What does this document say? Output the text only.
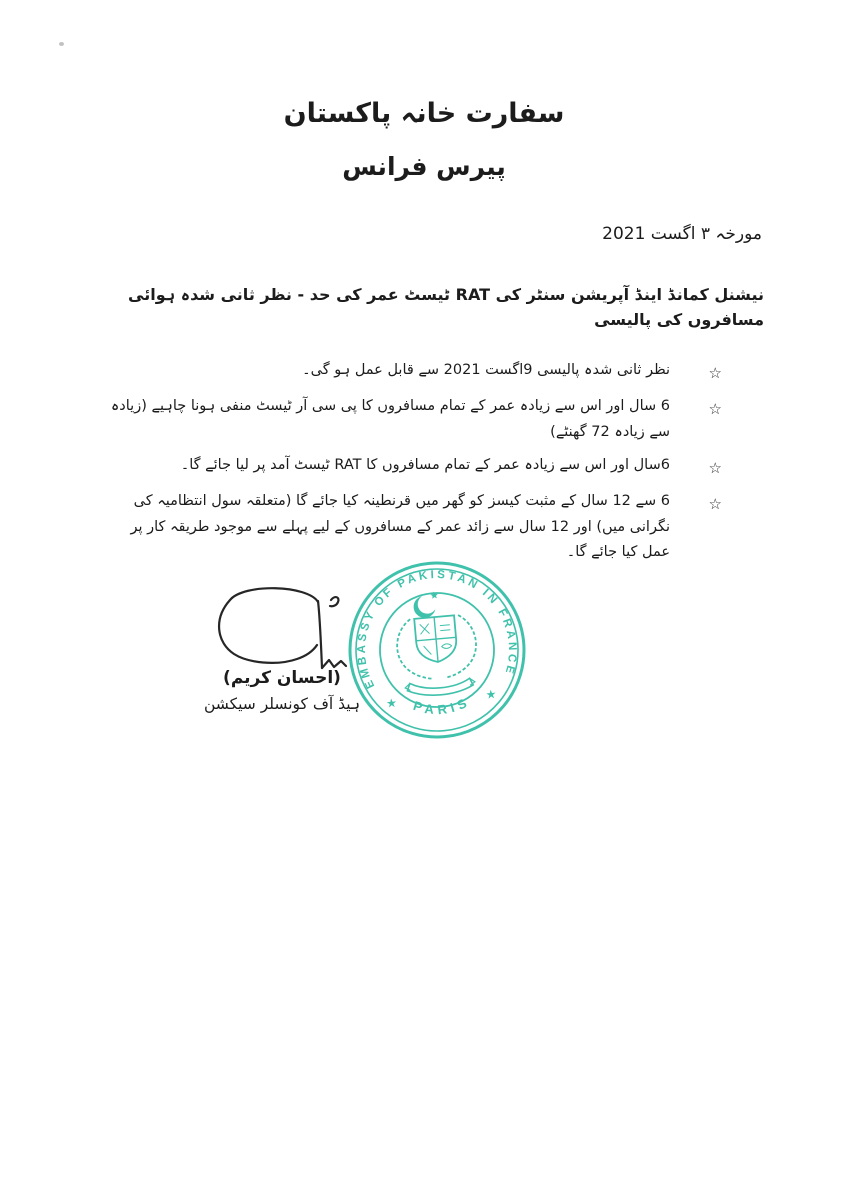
سفارت خانہ پاکستان
پیرس فرانس
مورخہ ۳ اگست 2021
نیشنل کمانڈ اینڈ آپریشن سنٹر کی RAT ٹیسٹ عمر کی حد - نظر ثانی شدہ ہوائی مسافروں کی پالیسی
☆
نظر ثانی شدہ پالیسی 9اگست 2021 سے قابل عمل ہو گی۔
☆
6 سال اور اس سے زیادہ عمر کے تمام مسافروں کا پی سی آر ٹیسٹ منفی ہونا چاہیے (زیادہ سے زیادہ 72 گھنٹے)
☆
6سال اور اس سے زیادہ عمر کے تمام مسافروں کا RAT ٹیسٹ آمد پر لیا جائے گا۔
☆
6 سے 12 سال کے مثبت کیسز کو گھر میں قرنطینہ کیا جائے گا (متعلقہ سول انتظامیہ کی نگرانی میں) اور 12 سال سے زائد عمر کے مسافروں کے لیے پہلے سے موجود طریقہ کار پر عمل کیا جائے گا۔
(احسان کریم)
ہیڈ آف کونسلر سیکشن
EMBASSY OF PAKISTAN IN FRANCE
PARIS
★
★
